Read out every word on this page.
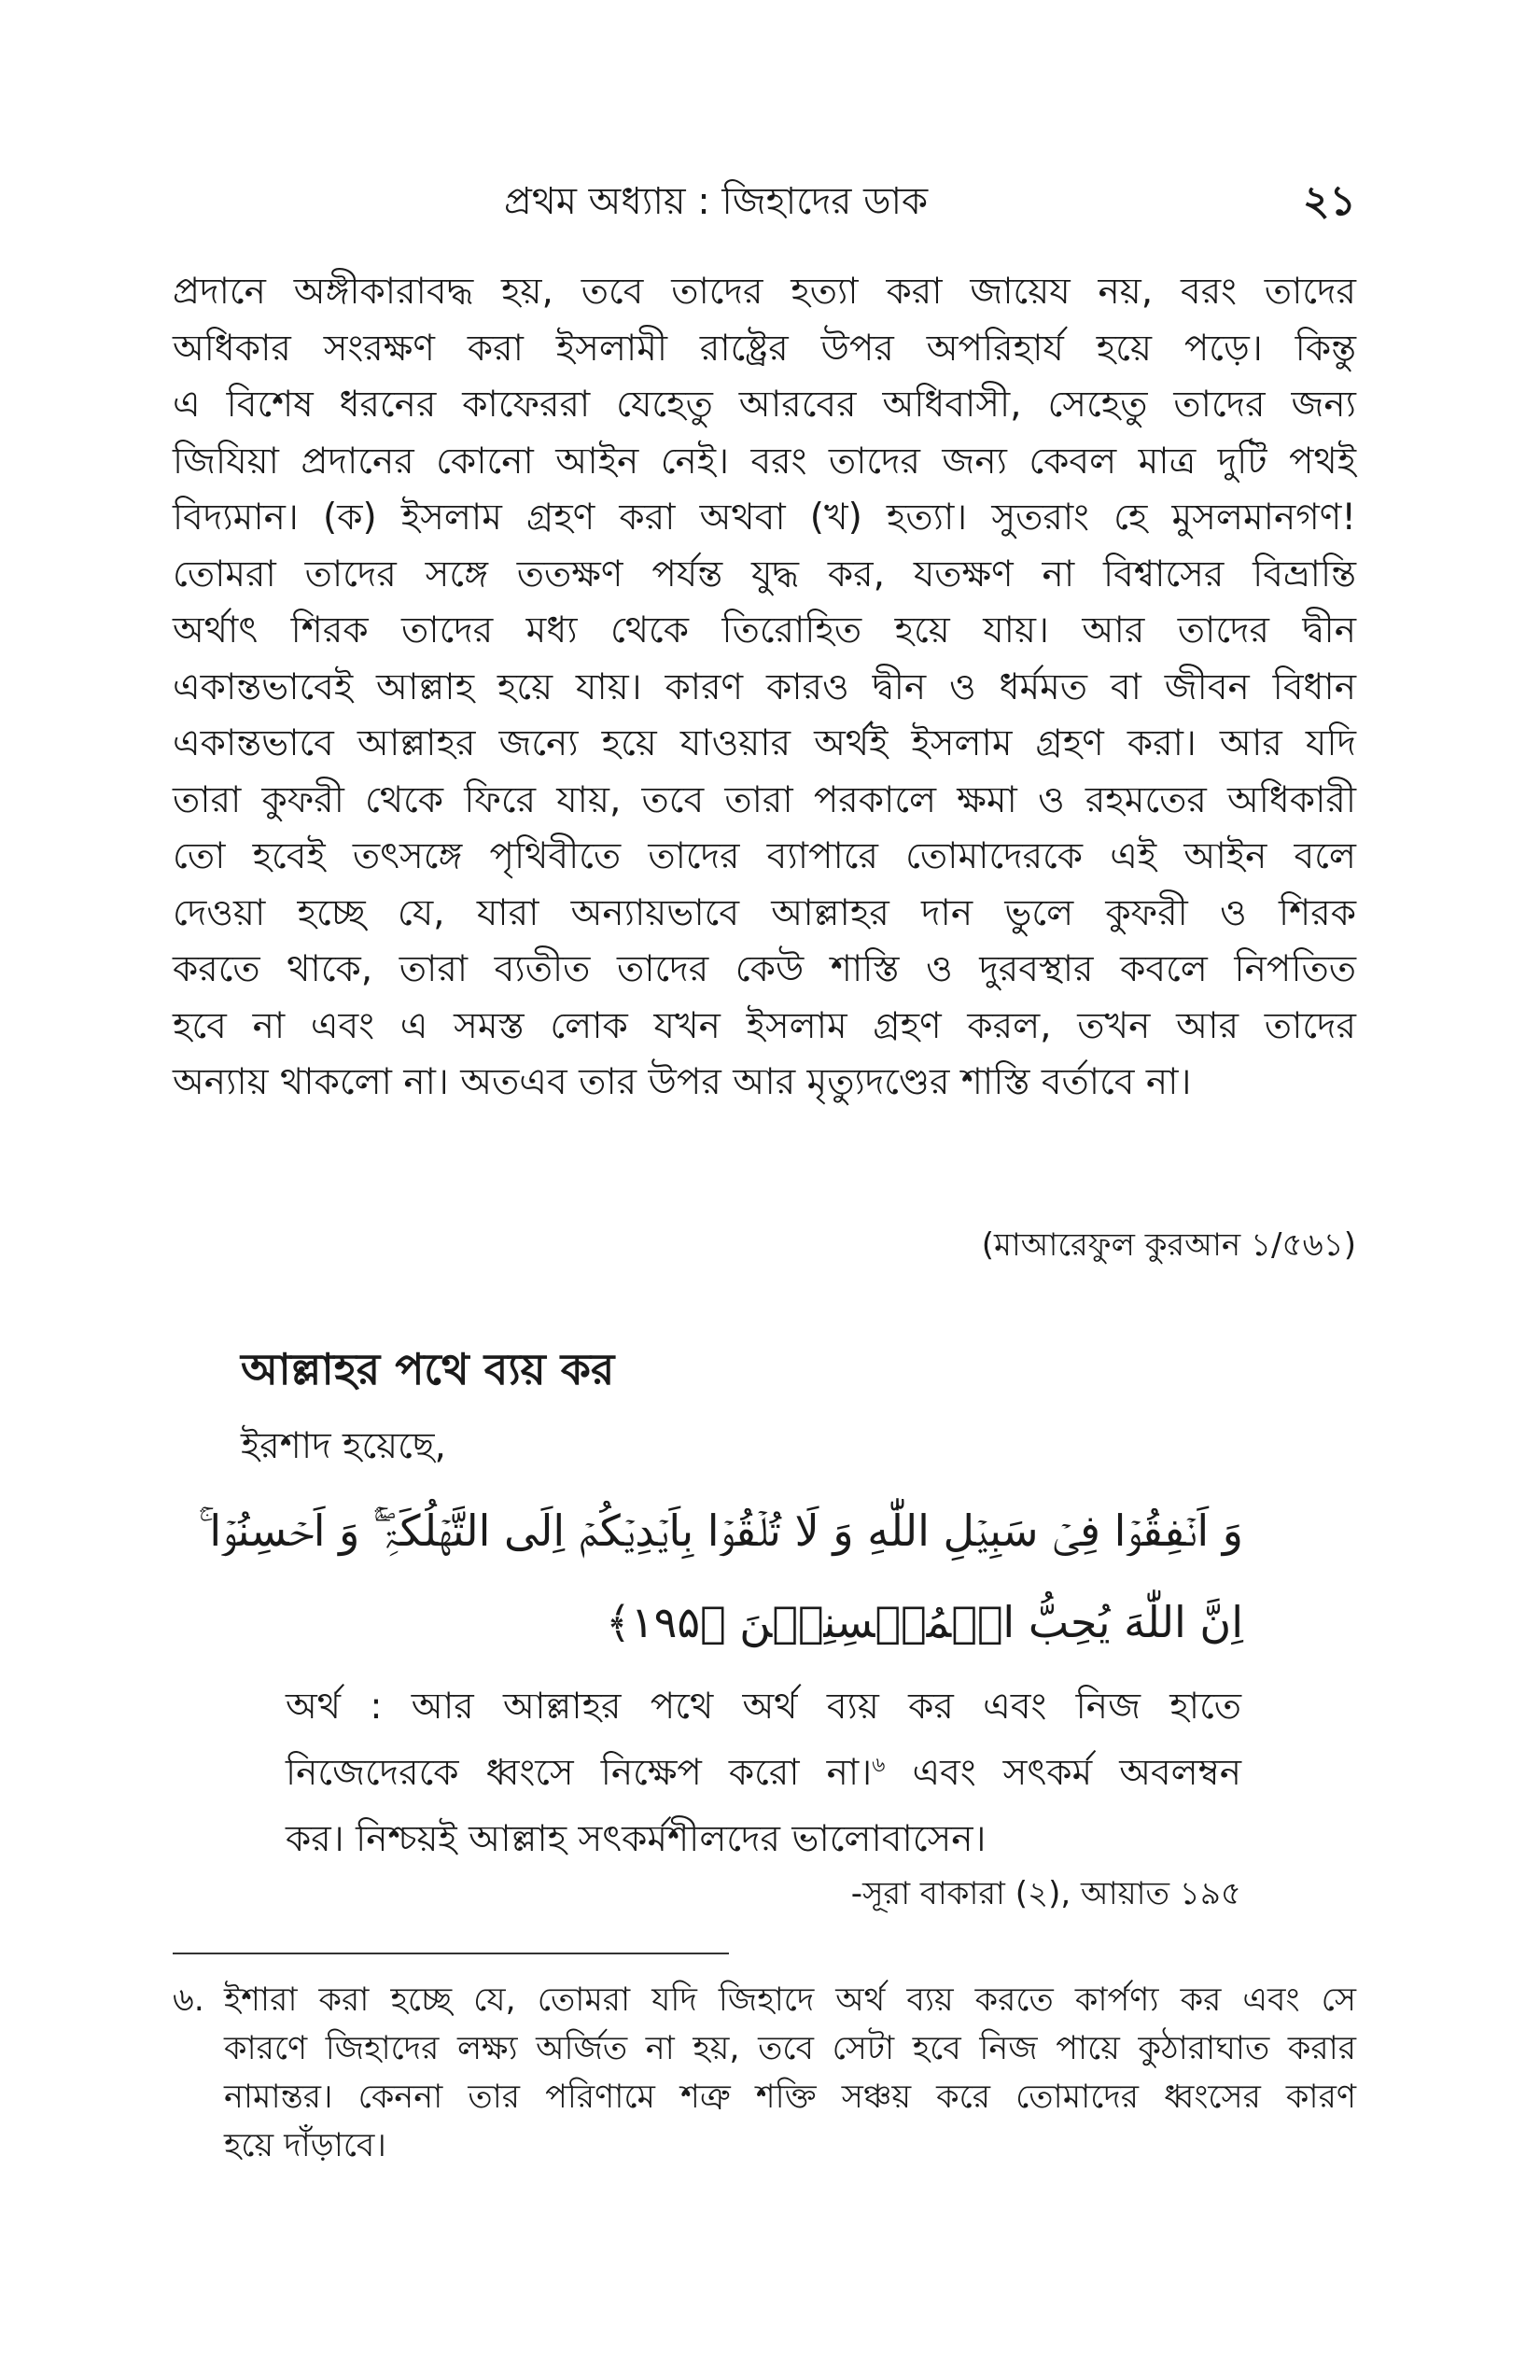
প্রথম অধ্যায় : জিহাদের ডাক	২১
প্রদানে অঙ্গীকারাবদ্ধ হয়, তবে তাদের হত্যা করা জায়েয নয়, বরং তাদের
অধিকার সংরক্ষণ করা ইসলামী রাষ্ট্রের উপর অপরিহার্য হয়ে পড়ে। কিন্তু
এ বিশেষ ধরনের কাফেররা যেহেতু আরবের অধিবাসী, সেহেতু তাদের জন্য
জিযিয়া প্রদানের কোনো আইন নেই। বরং তাদের জন্য কেবল মাত্র দুটি পথই
বিদ্যমান। (ক) ইসলাম গ্রহণ করা অথবা (খ) হত্যা। সুতরাং হে মুসলমানগণ!
তোমরা তাদের সঙ্গে ততক্ষণ পর্যন্ত যুদ্ধ কর, যতক্ষণ না বিশ্বাসের বিভ্রান্তি
অর্থাৎ শিরক তাদের মধ্য থেকে তিরোহিত হয়ে যায়। আর তাদের দ্বীন
একান্তভাবেই আল্লাহ হয়ে যায়। কারণ কারও দ্বীন ও ধর্মমত বা জীবন বিধান
একান্তভাবে আল্লাহর জন্যে হয়ে যাওয়ার অর্থই ইসলাম গ্রহণ করা। আর যদি
তারা কুফরী থেকে ফিরে যায়, তবে তারা পরকালে ক্ষমা ও রহমতের অধিকারী
তো হবেই তৎসঙ্গে পৃথিবীতে তাদের ব্যাপারে তোমাদেরকে এই আইন বলে
দেওয়া হচ্ছে যে, যারা অন্যায়ভাবে আল্লাহর দান ভুলে কুফরী ও শিরক
করতে থাকে, তারা ব্যতীত তাদের কেউ শাস্তি ও দুরবস্থার কবলে নিপতিত
হবে না এবং এ সমস্ত লোক যখন ইসলাম গ্রহণ করল, তখন আর তাদের
অন্যায় থাকলো না। অতএব তার উপর আর মৃত্যুদণ্ডের শাস্তি বর্তাবে না।
(মাআরেফুল কুরআন ১/৫৬১)
আল্লাহর পথে ব্যয় কর
ইরশাদ হয়েছে,
وَ اَنۡفِقُوۡا فِیۡ سَبِیۡلِ اللّٰهِ وَ لَا تُلۡقُوۡا بِاَیۡدِیۡکُمۡ اِلَی التَّهۡلُکَۃِ ۚۖۛ وَ اَحۡسِنُوۡا ۚۛ
اِنَّ اللّٰهَ یُحِبُّ الۡمُحۡسِنِیۡنَ ﴿۱۹۵﴾
অর্থ : আর আল্লাহর পথে অর্থ ব্যয় কর এবং নিজ হাতে
নিজেদেরকে ধ্বংসে নিক্ষেপ করো না।$^৬$ এবং সৎকর্ম অবলম্বন
কর। নিশ্চয়ই আল্লাহ সৎকর্মশীলদের ভালোবাসেন।
-সূরা বাকারা (২), আয়াত ১৯৫
৬. ইশারা করা হচ্ছে যে, তোমরা যদি জিহাদে অর্থ ব্যয় করতে কার্পণ্য কর এবং সে
কারণে জিহাদের লক্ষ্য অর্জিত না হয়, তবে সেটা হবে নিজ পায়ে কুঠারাঘাত করার
নামান্তর। কেননা তার পরিণামে শত্রু শক্তি সঞ্চয় করে তোমাদের ধ্বংসের কারণ
হয়ে দাঁড়াবে।
